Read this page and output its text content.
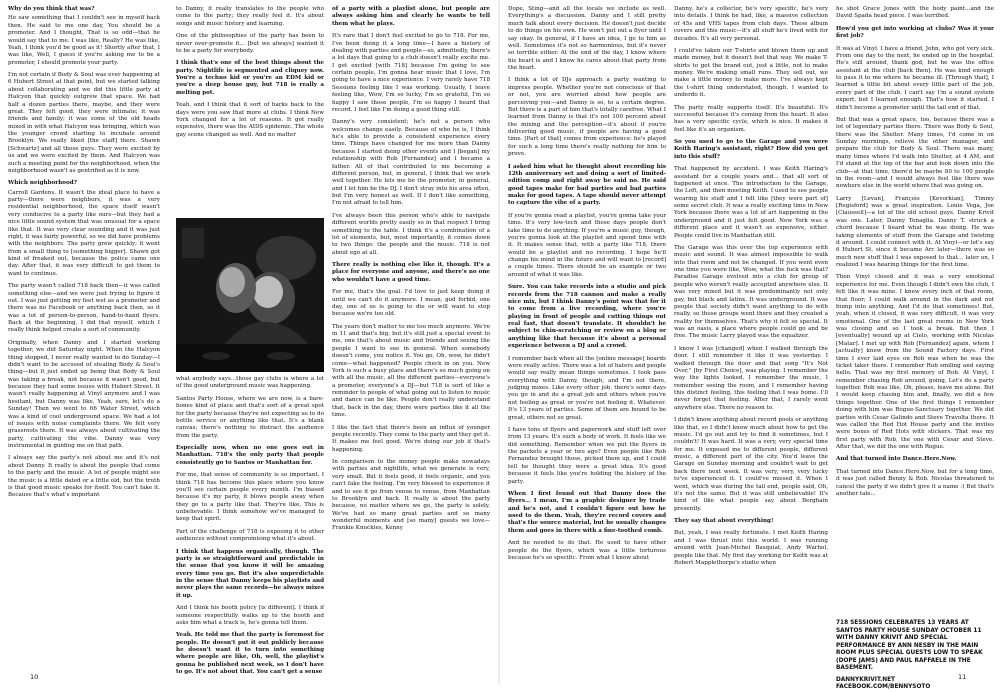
Why do you think that was?

He saw something that I couldn't see in myself back then. He said to me one day, You should be a promoter. And I thought, That is so odd—that he would say that to me. I was like, Really? He was like, Yeah, I think you'd be good as it! Shortly after that, I was like, Well, I guess if you're asking me to be a promoter, I should promote your party.

I'm not certain if Body & Soul was ever happening at 6 Hubert Street at that point, but we started talking about collaborating and we did this little party at Halcyon that quickly outgrew that space. We had half a dozen parties there, maybe, and they were great. They felt good, they were intimate; it was friends and family; it was some of the old heads mixed in with what Halcyon was bringing, which was the younger crowd starting to incubate around Brooklyn. We really liked [the staff] there. Shawn [Schwartz] and all those guys. They were excited by us and we were excited by them. And Halcyon was such a meeting point for the neighborhood, when the neighborhood wasn't as gentrified as it is now.

Which neighborhood?

Carroll Gardens. It wasn't the ideal place to have a party—there were neighbors, it was a very residential neighborhood, the space itself wasn't very conducive to a party like ours—but they had a nice little sound system that was unusual for a space like that. It was very clear sounding and it was just right, it was fairly powerful, so we did have problems with the neighbors. The party grew quickly; it went from a small thing to [something bigger]. Shawn got kind of freaked out, because the police came one day. After that, it was very difficult to get them to want to continue.

The party wasn't called 718 back then—it was called something else—and we were just trying to figure it out. I was just getting my feet wet as a promoter and there was no Facebook or anything back then, so it was a lot of person-to-person, hand-to-hand flyers. Back at the beginning, I did that myself, which I really think helped create a sort of community.

Originally, when Danny and I started working together, we did Saturday night. When the Halcyon thing stopped, I never really wanted to do Sunday—I didn't want to be accused of stealing Body & Soul's thing—but it just ended up being that Body & Soul was taking a break, not because it wasn't good, but because they had some issues with Hubert Street. It wasn't really happening at Vinyl anymore and I was hesitant, but Danny was like, Yeah, sure, let's do a Sunday! Then we went to 66 Water Street, which was a kind of cool underground space. We had a lot of issues with noise complaints there. We felt very grassroots there. It was always about cultivating the party, cultivating the vibe. Danny was very instrumental in guiding me on that path.

I always say the party's not about me and it's not about Danny. It really is about the people that come to the party and the music. A lot of people might see the music is a little dated or a little old, but the truth is that good music speaks for itself. You can't fake it. Because that's what's important

to Danny, it really translates to the people who come to the party; they really feel it. It's about songs and music history and learning.

One of the philosophies of the party has been to never over-promote it... [but we always] wanted it to be a party for everybody.

I think that's one of the best things about the party. Nightlife is segmented and cliquey now. You're a techno kid or you're an EDM kid or you're a deep house guy, but 718 is really a melting pot.

Yeah, and I think that it sort of harks back to the days were you saw that more at clubs. I think New York changed for a lot of reasons. It got really expensive, there was the AIDS epidemic. The whole gay scene changed as well. And no matter

what anybody says...those gay clubs is where a lot of the good underground music was happening.

Santos Party House, where we are now, is a bare-bones kind of place and that's sort of a great spot for the party because they're not expecting us to do bottle service or anything like that. It's a blank canvas: there's nothing to distract the audience from the party.

Especially now, when no one goes out in Manhattan. 718's the only party that people consistently go to Santos or Manhattan for.

For me, that sense of community is so important. I think 718 has become this place where you know you'll see certain people every month. I'm biased because it's my party, it blows people away when they go to a party like that. They're like, This is unbelievable. I think somehow we've managed to keep that spirit.

Part of the challenge of 718 is exposing it to other audiences without compromising what it's about.

I think that happens organically, though. The party is so straightforward and predictable in the sense that you know it will be amazing every time you go. But it's also unpredictable in the sense that Danny keeps his playlists and never plays the same records—he always mixes it up.

And I think his booth policy [is different]. I think if someone respectfully walks up to the booth and asks him what a track is, he's gonna tell them.

Yeah. He told me that the party is foremost for people. He doesn't put it out publicly because he doesn't want it to turn into something where people are like, Oh, well, the playlist's gonna be published next week, so I don't have to go. It's not about that. You can't get a sense

of a party with a playlist alone, but people are always asking him and clearly he wants to tell them what he plays.

It's rare that I don't feel excited to go to 718. For me, I've been doing it a long time—I have a history of dealing with parties and people—so, admittedly, there's a lot days that going to a club doesn't really excite me. I get excited [with 718] because I'm going to see certain people, I'm gonna hear music that I love, I'm going to have a nice experience. I very rarely have 718 Sessions feeling like I was working. Usually, I leave feeling like, Wow, I'm so lucky, I'm so grateful, I'm so happy I saw those people, I'm so happy I heard that record. I feel like I'm doing a good thing still.

Danny's very consistent; he's not a person who welcomes change easily. Because of who he is, I think he's able to provide a consistent experience every time. Things have changed for me more than Danny because I started doing other events and I [began] my relationship with Rob [Fernandez] and I became a father. All of that contributed to me becoming a different person, but, in general, I think that we work well together. He lets me be the promoter, in general, and I let him be the DJ. I don't stray into his area often, but I'm very honest as well. If I don't like something, I'm not afraid to tell him.

I've always been this person who's able to navigate different worlds pretty easily so in that respect I bring something to the table. I think it's a combination of a lot of elements, but, most importantly, it comes down to two things: the people and the music. 718 is not about ego at all.

There really is nothing else like it, though. It's a place for everyone and anyone, and there's no one who wouldn't have a good time.

For me, that's the goal. I'd love to just keep doing it until we can't do it anymore. I mean, god forbid, one day, one of us is going to die or will want to stop because we're too old.

The years don't matter to me too much anymore. We're in 11 and that's big, but it's still just a special event to me, one that's about music and friends and seeing the people I want to see in general. When somebody doesn't come, you notice it. You go, Oh, wow, he didn't come—what happened? People check in on you. New York is such a busy place and there's so much going on with all the music, all the different parties—everyone's a promoter, everyone's a DJ—but 718 is sort of like a reminder to people of what going out to listen to music and dance can be like. People don't really understand that, back in the day, there were parties like it all the time.

I like the fact that there's been an influx of younger people recently. They come to the party and they get it. It makes me feel good. We're doing our job if that's happening.

In comparison to the money people make nowadays with parties and nightlife, what we generate is very, very small. But it feels good, it feels organic, and you can't fake the feeling. I'm very blessed to experience it and to see it go from venue to venue, from Manhattan to Brooklyn and back. It really is about the party because, no matter where we go, the party is solely. We've had so many great parties and so many wonderful moments and [so many] guests we love—Frankie Knuckles, Kenny

10

Dope, Sting—and all the locals we include as well. Everything's a discussion. Danny and I still pretty much talk about every decision. He doesn't just decide to do things on his own. He won't put out a flyer until I say okay. In general, if I have an idea, I go to him as well. Sometimes it's not so harmonious, but it's never so terrible either. At the end of the day, I know where his heart is and I know he cares about that party from the heart.

I think a lot of DJs approach a party wanting to impress people. Whether you're not conscious of that or not, you are worried about how people are perceiving you—and Danny is so, to a certain degree. But there is a part of him that's totally carefree. What I learned from Danny is that it's not 100 percent about the mixing and the perception—it's about if you're delivering good music, if people are having a good time. [Part of that] comes from experience: he's played for such a long time there's really nothing for him to prove.

I asked him what he thought about recording his 12th anniversary set and doing a sort of limited-edition comp and right away he said no. He said good tapes make for bad parties and bad parties make for good tapes. A tape should never attempt to capture the vibe of a party.

If you're gonna read a playlist, you're gonna take your time. It's very low-tech and these days people don't take time to do anything. If you're a music guy, though, you're gonna look at the playlist and spend time with it. It makes sense that, with a party like 718, there would be a playlist and no recording. I hope he'll change his mind in the future and will want to [record] a couple times. There should be an example or two around of what it was like.

Sure. You can take records into a studio and pick records from the 718 cannon and make a really nice mix, but I think Danny's point was that for it to come from a live recording, where you're playing in front of people and cutting things out real fast, that doesn't translate. It shouldn't be subject to chin-scratching or review on a blog or anything like that because it's about a personal experience between a DJ and a crowd.

I remember back when all the [online message] boards were really active. There was a lot of haters and people would say really mean things sometimes. I took pass everything with Danny, though, and I'm not there, judging mixes. Like every other job, there's some days you go in and do a great job and others when you're not feeling as great or you're not feeling it. Whatever. It's 13 years of parties. Some of them are bound to be great, others not so great.

I have tons of flyers and paperwork and stuff left over from 13 years. It's such a body of work. It feels like we did something. Remember when we put the flyers in the packets a year or two ago? Even people like Rob Fernandez brought those, picked them up, and I could tell he thought they were a great idea. It's good because it feels like you're holding the history of the party.

When I first found out that Danny does the flyers... I mean, I'm a graphic designer by trade and he's not, and I couldn't figure out how he used to do them. Yeah, they're record covers and that's the source material, but he usually changes them and goes in there with a fine-toothed comb.

And he needed to do that. He used to have other people do the flyers, which was a little torturous because he's so specific. From what I know about

Danny, he's a collector, he's very specific, he's very into details. I think he had, like, a massive collection of 45s and VHS tapes from club days. These album covers and this music—it's all stuff he's lived with for decades. It's all very personal.

I could've taken our T-shirts and blown them up and made money, but it doesn't feel that way. We make T-shirts to get the brand out, just a little, not to make money. We're making small runs. They sell out, we make a little money to make more. I've always kept the t-shirt thing understated, though. I wanted to underdo it.

The party really supports itself. It's beautiful. It's successful because it's coming from the heart. It also has a very specific cycle, which is nice. It makes it feel like it's an organism.

So you used to go to the Garage and you were Keith Haring's assistant, right? How did you get into this stuff?

That happened by accident. I was Keith Haring's assistant for a couple years and... that all sort of happened at once. The introduction to the Garage, the Loft, and then meeting Keith. I used to see people wearing his stuff and I felt like [they were part of] some secret club. It was a really exciting time in New York because there was a lot of art happening in the underground and it just felt good. New York was a different place and it wasn't as expensive, either. People could live in Manhattan still.

The Garage was this over the top experience with music and sound. It was almost impossible to walk into that room and not be changed. If you went even one time you were like, Wow, what the fuck was that? Paradise Garage evolved into a club for group of people who weren't really accepted anywhere else. It was very mixed but it was predominantly not only gay, but black and latinx. It was underground. It was people that society didn't want anything to do with really, so those groups went there and they created a reality for themselves. That's why it felt so special. It was an oasis, a place where people could go and be free. The music Larry played was the equalizer.

I know I was [changed] when I walked through the door. I still remember it like it was yesterday. I walked through the door and that song "It's Not Over," [by First Choice], was playing. I remember the way the lights looked, I remember the music, I remember seeing the room, and I remember having this distinct feeling, this feeling that I was home. I'll never forget that feeling. After that, I rarely went anywhere else. There no reason to.

I didn't know anything about record pools or anything like that, so I didn't know much about how to get the music. I'd go out and try to find it sometimes, but I couldn't! It was hard. It was a very, very special time for me. It exposed me to different people, different music, a different part of the city. You'd leave the Garage on Sunday morning and couldn't wait to get back there next week. It was very, very, very lucky to've experienced it. I could've missed it. When I went, which was during the tail end, people said, Oh, it's not the same. But it was still unbelievable! It's kind of like what people say about Berghain presently.

They say that about everything!

But, yeah, I was really fortunate. I met Keith Haring and I was thrust into this world. I was running around with Jean-Michel Basquiat, Andy Warhol, people like that. My first day working for Keith was at Robert Mapplethorpe's studio when

he shot Grace Jones with the body paint...and the David Spada head piece. I was terrified.

How'd you get into working at clubs? Was it your first job?

It was at Vinyl. I have a friend, John, who got very sick. From one day to the next, he ended up in the hospital. He's still around, thank god, but he was the office assistant at the club [back then]. He was kind enough to pass it to me where he became ill. [Through that], I learned a little bit about every little part of the job, every part of the club. I can't say I'm a sound system expert, but I learned enough. That's how it started. I didn't become a promoter until the tail end of that.

But that was a great space, too, because there was a lot of legendary parties there. There was Body & Soul, there was the Shelter. Many times, I'd come in on Sunday mornings, relieve the other manager, and prepare the club for Body & Soul. There was many, many times where I'd walk into Shelter, at 4 AM, and I'd stand at the top of the bar and look down into the club—at that time, there'd be maybe 80 to 100 people in the room—and I would always feel like there was nowhere else in the world where that was going on.

Larry [Levan], François [Kevorkian], Timmy [Regisford] was a great inspiration. Louie Vega, Joe [Claussell]—a lot of the old school guys. Danny Krivit was one. Later, Danny Tenaglia. Danny T. struck a chord because I heard what he was doing. He was taking elements of stuff from the Garage and twisting it around. I could connect with it. At Vinyl—or let's say 6 Hubert St. since it became Arc later—there was so much new stuff that I was exposed to that... later on, I realized I was hearing things for the first time.

Then Vinyl closed and it was a very emotional experience for me. Even though I didn't own the club, I felt like it was mine. I knew every inch of that room, that floor; I could walk around in the dark and not bump into anything. And I'd do that sometimes! But, yeah, when it closed, it was very difficult, it was very emotional. One of the last great rooms in New York was closing and so I took a break. But then I [eventually] wound up at Cielo, working with Nicolas [Matar]. I met up with Rob [Fernandez] again, whom I [actually] knew from the Sound Factory days. First time I ever laid eyes on Rob was when he was the ticket taker there. I remember Rob smiling and saying hello. That was my first memory of Rob. At Vinyl, I remember chasing Rob around, going, Let's do a party together. Rob was like, Oh, please, leave me alone. But I would keep chasing him and, finally, we did a few things together. One of the first things I remember doing with him was Rogue-Sanctuary together. We did parties with Cesar Galindo and Steve Travolta there. It was called the Red Hot House party and the invites were boxes of Red Hots with stickers. That was my first party with Rob, the one with Cesar and Steve. After that, we did the one with Rogue.

And that turned into Dance.Here.Now.

That turned into Dance.Here.Now, but for a long time, it was just called Benny & Rob. Nicolas threatened to cancel the party if we didn't give it a name :) But that's another tale...

718 SESSIONS CELEBRATES 13 YEARS AT SANTOS PARTY HOUSE SUNDAY OCTOBER 11 WITH DANNY KRIVIT AND SPECIAL PERFORMANCE BY ANN NESBY IN THE MAIN ROOM PLUS SPECIAL GUESTS LOW TO SPEAK (DOPE JAMS) AND PAUL RAFFAELE IN THE BASEMENT.
DANNYKRIVIT.NET
FACEBOOK.COM/BENNYSOTO
11
